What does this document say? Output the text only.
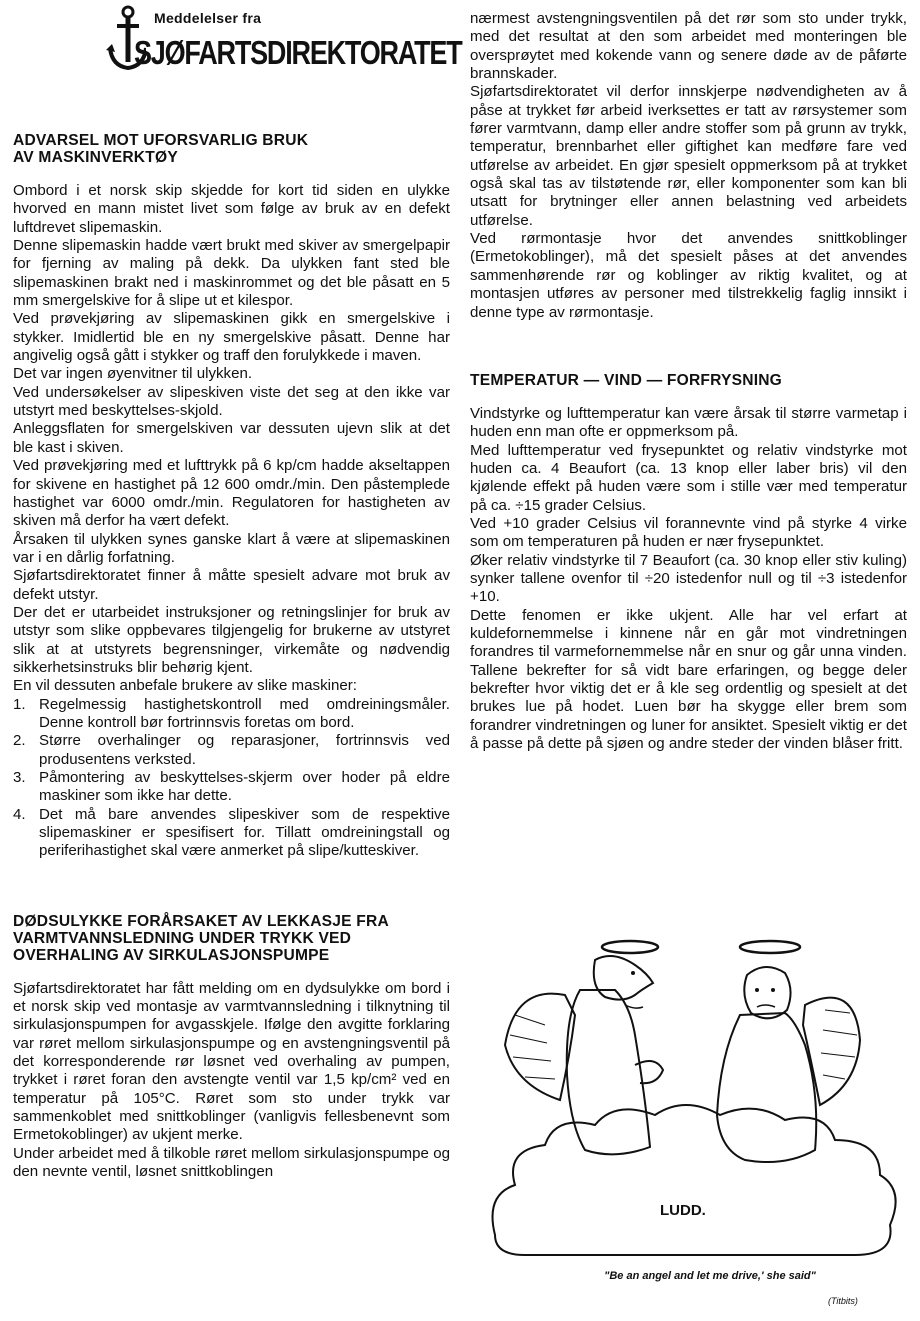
Meddelelser fra
SJØFARTSDIREKTORATET
ADVARSEL MOT UFORSVARLIG BRUK
AV MASKINVERKTØY

Ombord i et norsk skip skjedde for kort tid siden en ulykke hvorved en mann mistet livet som følge av bruk av en defekt luftdrevet slipemaskin.

Denne slipemaskin hadde vært brukt med skiver av smergelpapir for fjerning av maling på dekk. Da ulykken fant sted ble slipemaskinen brakt ned i maskinrommet og det ble påsatt en 5 mm smergelskive for å slipe ut et kilespor.

Ved prøvekjøring av slipemaskinen gikk en smergelskive i stykker. Imidlertid ble en ny smergelskive påsatt. Denne har angivelig også gått i stykker og traff den forulykkede i maven.

Det var ingen øyenvitner til ulykken.

Ved undersøkelser av slipeskiven viste det seg at den ikke var utstyrt med beskyttelses-skjold.

Anleggsflaten for smergelskiven var dessuten ujevn slik at det ble kast i skiven.

Ved prøvekjøring med et lufttrykk på 6 kp/cm hadde akseltappen for skivene en hastighet på 12 600 omdr./min. Den påstemplede hastighet var 6000 omdr./min. Regulatoren for hastigheten av skiven må derfor ha vært defekt.

Årsaken til ulykken synes ganske klart å være at slipemaskinen var i en dårlig forfatning.

Sjøfartsdirektoratet finner å måtte spesielt advare mot bruk av defekt utstyr.

Der det er utarbeidet instruksjoner og retningslinjer for bruk av utstyr som slike oppbevares tilgjengelig for brukerne av utstyret slik at at utstyrets begrensninger, virkemåte og nødvendig sikkerhetsinstruks blir behørig kjent.

En vil dessuten anbefale brukere av slike maskiner:

1. Regelmessig hastighetskontroll med omdreiningsmåler. Denne kontroll bør fortrinnsvis foretas om bord.
2. Større overhalinger og reparasjoner, fortrinnsvis ved produsentens verksted.
3. Påmontering av beskyttelses-skjerm over hoder på eldre maskiner som ikke har dette.
4. Det må bare anvendes slipeskiver som de respektive slipemaskiner er spesifisert for. Tillatt omdreiningstall og periferihastighet skal være anmerket på slipe/kutteskiver.
DØDSULYKKE FORÅRSAKET AV LEKKASJE FRA
VARMTVANNSLEDNING UNDER TRYKK VED
OVERHALING AV SIRKULASJONSPUMPE

Sjøfartsdirektoratet har fått melding om en dydsulykke om bord i et norsk skip ved montasje av varmtvannsledning i tilknytning til sirkulasjonspumpen for avgasskjele. Ifølge den avgitte forklaring var røret mellom sirkulasjonspumpe og en avstengningsventil på det korresponderende rør løsnet ved overhaling av pumpen, trykket i røret foran den avstengte ventil var 1,5 kp/cm² ved en temperatur på 105°C. Røret som sto under trykk var sammenkoblet med snittkoblinger (vanligvis fellesbenevnt som Ermetokoblinger) av ukjent merke.

Under arbeidet med å tilkoble røret mellom sirkulasjonspumpe og den nevnte ventil, løsnet snittkoblingen

nærmest avstengningsventilen på det rør som sto under trykk, med det resultat at den som arbeidet med monteringen ble oversprøytet med kokende vann og senere døde av de påførte brannskader.

Sjøfartsdirektoratet vil derfor innskjerpe nødvendigheten av å påse at trykket før arbeid iverksettes er tatt av rørsystemer som fører varmtvann, damp eller andre stoffer som på grunn av trykk, temperatur, brennbarhet eller giftighet kan medføre fare ved utførelse av arbeidet. En gjør spesielt oppmerksom på at trykket også skal tas av tilstøtende rør, eller komponenter som kan bli utsatt for brytninger eller annen belastning ved arbeidets utførelse.

Ved rørmontasje hvor det anvendes snittkoblinger (Ermetokoblinger), må det spesielt påses at det anvendes sammenhørende rør og koblinger av riktig kvalitet, og at montasjen utføres av personer med tilstrekkelig faglig innsikt i denne type av rørmontasje.

TEMPERATUR — VIND — FORFRYSNING

Vindstyrke og lufttemperatur kan være årsak til større varmetap i huden enn man ofte er oppmerksom på.

Med lufttemperatur ved frysepunktet og relativ vindstyrke mot huden ca. 4 Beaufort (ca. 13 knop eller laber bris) vil den kjølende effekt på huden være som i stille vær med temperatur på ca. ÷15 grader Celsius.

Ved +10 grader Celsius vil forannevnte vind på styrke 4 virke som om temperaturen på huden er nær frysepunktet.

Øker relativ vindstyrke til 7 Beaufort (ca. 30 knop eller stiv kuling) synker tallene ovenfor til ÷20 istedenfor null og til ÷3 istedenfor +10.

Dette fenomen er ikke ukjent. Alle har vel erfart at kuldefornemmelse i kinnene når en går mot vindretningen forandres til varmefornemmelse når en snur og går unna vinden. Tallene bekrefter for så vidt bare erfaringen, og begge deler bekrefter hvor viktig det er å kle seg ordentlig og spesielt at det brukes lue på hodet. Luen bør ha skygge eller brem som forandrer vindretningen og luner for ansiktet. Spesielt viktig er det å passe på dette på sjøen og andre steder der vinden blåser fritt.

LUDD.
"Be an angel and let me drive,' she said"
(Titbits)
